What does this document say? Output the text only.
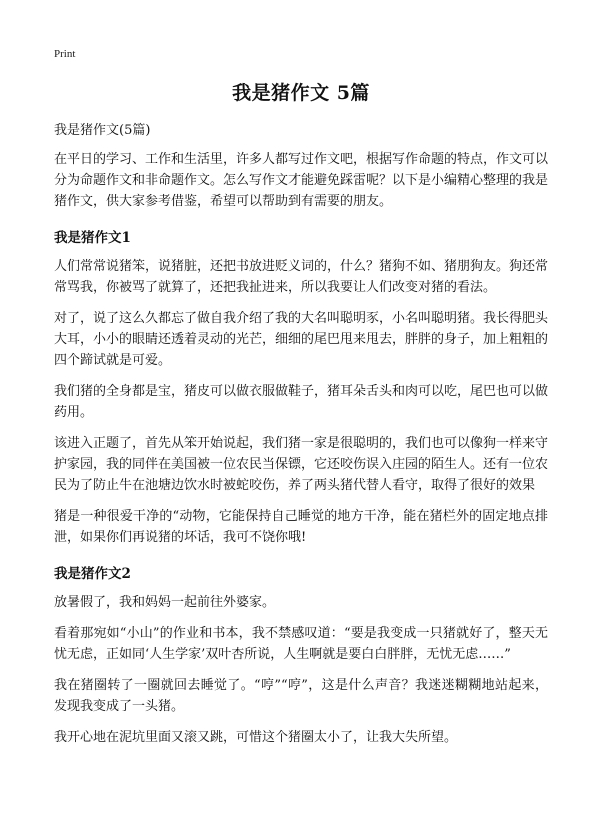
Print
我是猪作文 5篇
我是猪作文(5篇)

在平日的学习、工作和生活里，许多人都写过作文吧，根据写作命题的特点，作文可以分为命题作文和非命题作文。怎么写作文才能避免踩雷呢？以下是小编精心整理的我是猪作文，供大家参考借鉴，希望可以帮助到有需要的朋友。

我是猪作文1

人们常常说猪笨，说猪脏，还把书放进贬义词的，什么？猪狗不如、猪朋狗友。狗还常常骂我，你被骂了就算了，还把我扯进来，所以我要让人们改变对猪的看法。

对了，说了这么久都忘了做自我介绍了我的大名叫聪明豕，小名叫聪明猪。我长得肥头大耳，小小的眼睛还透着灵动的光芒，细细的尾巴甩来甩去，胖胖的身子，加上粗粗的四个蹄试就是可爱。

我们猪的全身都是宝，猪皮可以做衣服做鞋子，猪耳朵舌头和肉可以吃，尾巴也可以做药用。

该进入正题了，首先从笨开始说起，我们猪一家是很聪明的，我们也可以像狗一样来守护家园，我的同伴在美国被一位农民当保镖，它还咬伤误入庄园的陌生人。还有一位农民为了防止牛在池塘边饮水时被蛇咬伤，养了两头猪代替人看守，取得了很好的效果

猪是一种很爱干净的“动物，它能保持自己睡觉的地方干净，能在猪栏外的固定地点排泄，如果你们再说猪的坏话，我可不饶你哦!

我是猪作文2

放暑假了，我和妈妈一起前往外婆家。

看着那宛如“小山”的作业和书本，我不禁感叹道：“要是我变成一只猪就好了，整天无忧无虑，正如同‘人生学家’双叶杏所说，人生啊就是要白白胖胖，无忧无虑……”

我在猪圈转了一圈就回去睡觉了。“哼”“哼”，这是什么声音？我迷迷糊糊地站起来，发现我变成了一头猪。

我开心地在泥坑里面又滚又跳，可惜这个猪圈太小了，让我大失所望。
